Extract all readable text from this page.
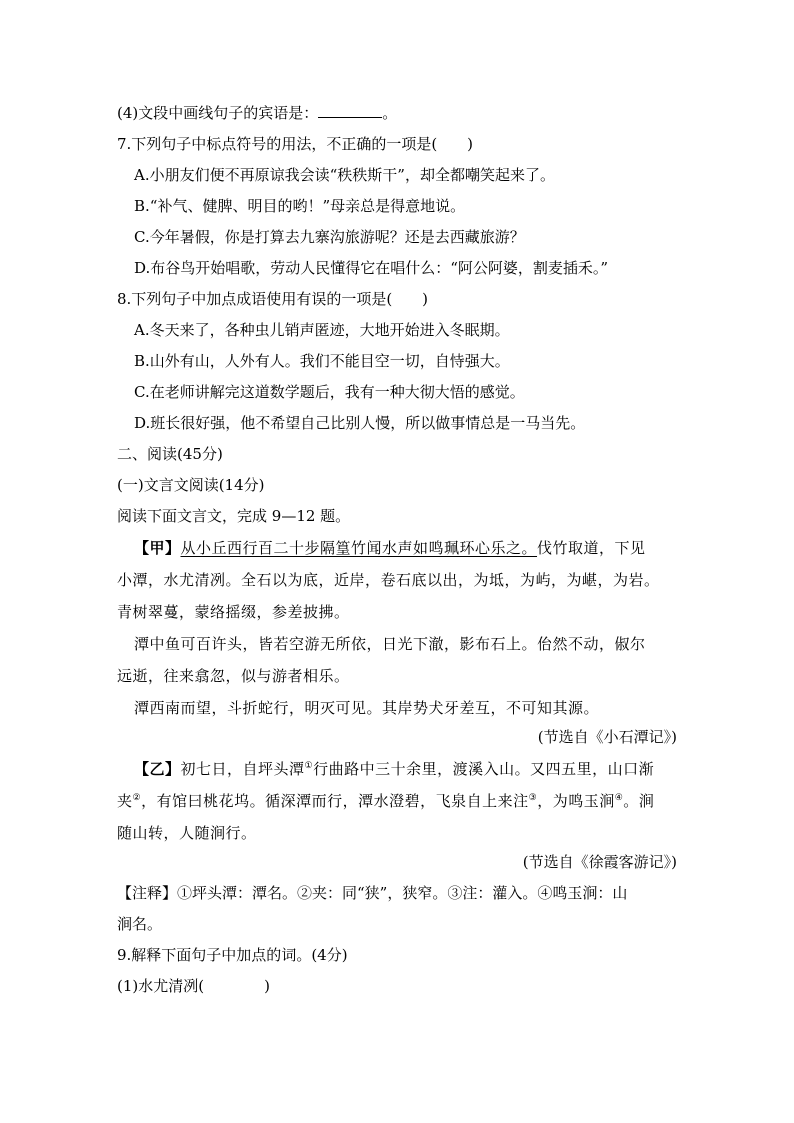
(4)文段中画线句子的宾语是：	。
7.下列句子中标点符号的用法，不正确的一项是(　　)
A.小朋友们便不再原谅我会读“秩秩斯干”，却全都嘲笑起来了。
B.“补气、健脾、明目的哟！”母亲总是得意地说。
C.今年暑假，你是打算去九寨沟旅游呢？还是去西藏旅游？
D.布谷鸟开始唱歌，劳动人民懂得它在唱什么：“阿公阿婆，割麦插禾。”
8.下列句子中加点成语使用有误的一项是(　　)
A.冬天来了，各种虫儿销声匿迹，大地开始进入冬眠期。
B.山外有山，人外有人。我们不能目空一切，自恃强大。
C.在老师讲解完这道数学题后，我有一种大彻大悟的感觉。
D.班长很好强，他不希望自己比别人慢，所以做事情总是一马当先。
二、阅读(45分)
(一)文言文阅读(14分)
阅读下面文言文，完成 9—12 题。
【甲】从小丘西行百二十步隔篁竹闻水声如鸣珮环心乐之。伐竹取道，下见
小潭，水尤清冽。全石以为底，近岸，卷石底以出，为坻，为屿，为嵁，为岩。
青树翠蔓，蒙络摇缀，参差披拂。
潭中鱼可百许头，皆若空游无所依，日光下澈，影布石上。佁然不动，俶尔
远逝，往来翕忽，似与游者相乐。
潭西南而望，斗折蛇行，明灭可见。其岸势犬牙差互，不可知其源。
(节选自《小石潭记》)
【乙】初七日，自坪头潭①行曲路中三十余里，渡溪入山。又四五里，山口渐
夹②，有馆曰桃花坞。循深潭而行，潭水澄碧，飞泉自上来注③，为鸣玉涧④。涧
随山转，人随涧行。
(节选自《徐霞客游记》)
【注释】①坪头潭：潭名。②夹：同“狭”，狭窄。③注：灌入。④鸣玉涧：山
涧名。
9.解释下面句子中加点的词。(4分)
(1)水尤清冽(　　　　)
